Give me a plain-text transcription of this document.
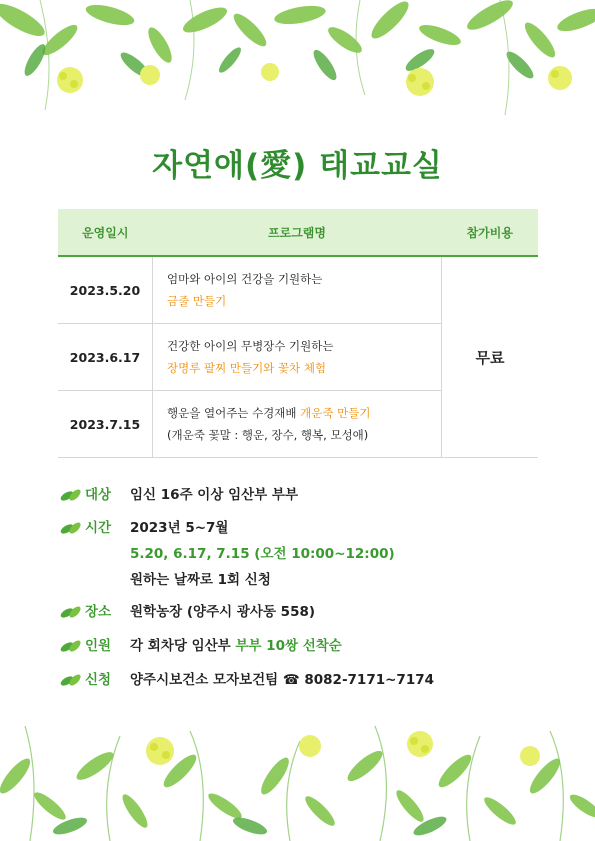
자연애(愛) 태교교실
운영일시	프로그램명	참가비용
2023.5.20	엄마와 아이의 건강을 기원하는
금줄 만들기	무료
2023.6.17	건강한 아이의 무병장수 기원하는
장명루 팔찌 만들기와 꽃차 체험	

2023.7.15	행운을 열어주는 수경재배 개운죽 만들기
(개운죽 꽃말 : 행운, 장수, 행복, 모성애)	
대상	임신 16주 이상 임산부 부부
시간	2023년 5~7월
5.20, 6.17, 7.15 (오전 10:00~12:00)
원하는 날짜로 1회 신청
장소	원학농장 (양주시 광사동 558)
인원	각 회차당 임산부 부부 10쌍 선착순
신청	양주시보건소 모자보건팀 ☎ 8082-7171~7174
